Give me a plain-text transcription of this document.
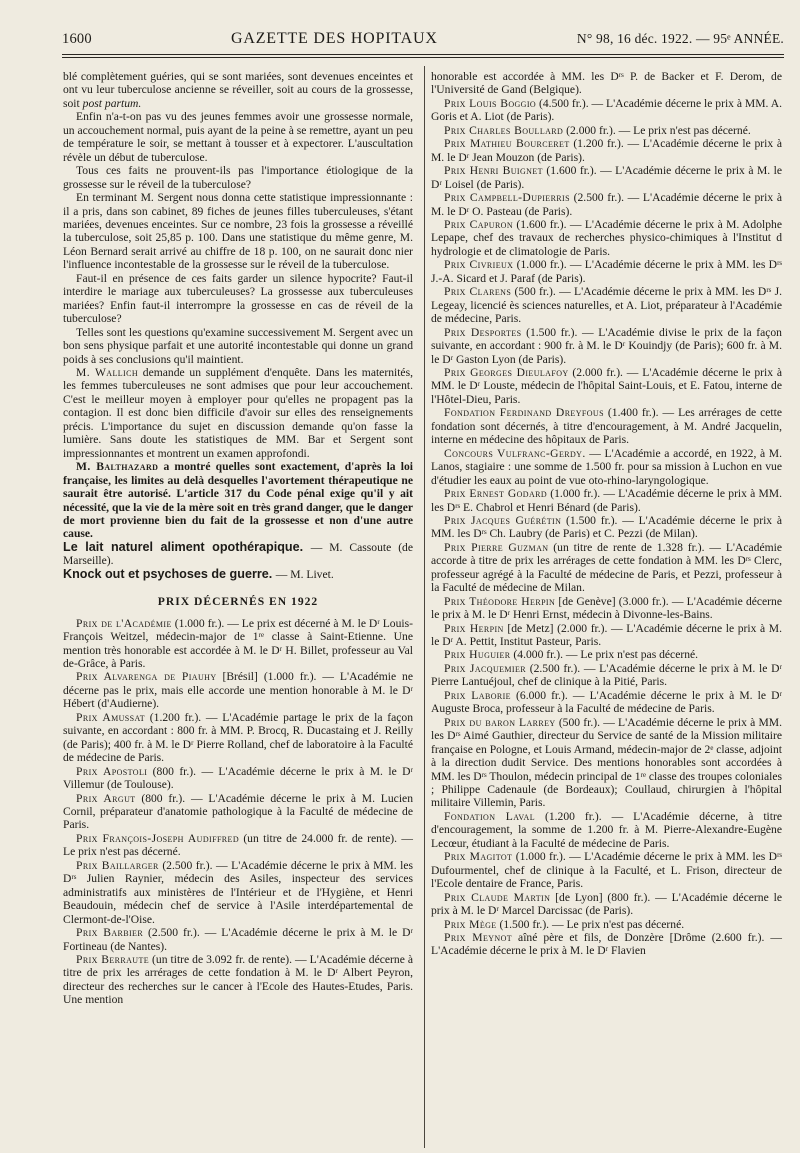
1600	GAZETTE DES HOPITAUX	N° 98, 16 déc. 1922. — 95ᵉ ANNÉE.

blé complètement guéries, qui se sont mariées, sont devenues enceintes et ont vu leur tuberculose ancienne se réveiller, soit au cours de la grossesse, soit post partum.

Enfin n'a-t-on pas vu des jeunes femmes avoir une grossesse normale, un accouchement normal, puis ayant de la peine à se remettre, ayant un peu de température le soir, se mettant à tousser et à expectorer. L'auscultation révèle un début de tuberculose.

Tous ces faits ne prouvent-ils pas l'importance étiologique de la grossesse sur le réveil de la tuberculose?

En terminant M. Sergent nous donna cette statistique impressionnante : il a pris, dans son cabinet, 89 fiches de jeunes filles tuberculeuses, s'étant mariées, devenues enceintes. Sur ce nombre, 23 fois la grossesse a réveillé la tuberculose, soit 25,85 p. 100. Dans une statistique du même genre, M. Léon Bernard serait arrivé au chiffre de 18 p. 100, on ne saurait donc nier l'influence incontestable de la grossesse sur le réveil de la tuberculose.

Faut-il en présence de ces faits garder un silence hypocrite? Faut-il interdire le mariage aux tuberculeuses? La grossesse aux tuberculeuses mariées? Enfin faut-il interrompre la grossesse en cas de réveil de la tuberculose?

Telles sont les questions qu'examine successivement M. Sergent avec un bon sens physique parfait et une autorité incontestable qui donne un grand poids à ses conclusions qu'il maintient.

M. Wallich demande un supplément d'enquête. Dans les maternités, les femmes tuberculeuses ne sont admises que pour leur accouchement. C'est le meilleur moyen à employer pour qu'elles ne propagent pas la contagion. Il est donc bien difficile d'avoir sur elles des renseignements précis. L'importance du sujet en discussion demande qu'on fasse la lumière. Sans doute les statistiques de MM. Bar et Sergent sont impressionnantes et montrent un examen approfondi.

M. Balthazard a montré quelles sont exactement, d'après la loi française, les limites au delà desquelles l'avortement thérapeutique ne saurait être autorisé. L'article 317 du Code pénal exige qu'il y ait nécessité, que la vie de la mère soit en très grand danger, que le danger de mort provienne bien du fait de la grossesse et non d'une autre cause.

Le lait naturel aliment opothérapique. — M. Cassoute (de Marseille).

Knock out et psychoses de guerre. — M. Livet.

PRIX DÉCERNÉS EN 1922

Prix de l'Académie (1.000 fr.). — Le prix est décerné à M. le Dʳ Louis-François Weitzel, médecin-major de 1ʳᵉ classe à Saint-Etienne. Une mention très honorable est accordée à M. le Dʳ H. Billet, professeur au Val de-Grâce, à Paris.

Prix Alvarenga de Piauhy [Brésil] (1.000 fr.). — L'Académie ne décerne pas le prix, mais elle accorde une mention honorable à M. le Dʳ Hébert (d'Audierne).

Prix Amussat (1.200 fr.). — L'Académie partage le prix de la façon suivante, en accordant : 800 fr. à MM. P. Brocq, R. Ducastaing et J. Reilly (de Paris); 400 fr. à M. le Dʳ Pierre Rolland, chef de laboratoire à la Faculté de médecine de Paris.

Prix Apostoli (800 fr.). — L'Académie décerne le prix à M. le Dʳ Villemur (de Toulouse).

Prix Argut (800 fr.). — L'Académie décerne le prix à M. Lucien Cornil, préparateur d'anatomie pathologique à la Faculté de médecine de Paris.

Prix François-Joseph Audiffred (un titre de 24.000 fr. de rente). — Le prix n'est pas décerné.

Prix Baillarger (2.500 fr.). — L'Académie décerne le prix à MM. les Dʳˢ Julien Raynier, médecin des Asiles, inspecteur des services administratifs aux ministères de l'Intérieur et de l'Hygiène, et Henri Beaudouin, médecin chef de service à l'Asile interdépartemental de Clermont-de-l'Oise.

Prix Barbier (2.500 fr.). — L'Académie décerne le prix à M. le Dʳ Fortineau (de Nantes).

Prix Berraute (un titre de 3.092 fr. de rente). — L'Académie décerne à titre de prix les arrérages de cette fondation à M. le Dʳ Albert Peyron, directeur des recherches sur le cancer à l'Ecole des Hautes-Etudes, Paris. Une mention

honorable est accordée à MM. les Dʳˢ P. de Backer et F. Derom, de l'Université de Gand (Belgique).

Prix Louis Boggio (4.500 fr.). — L'Académie décerne le prix à MM. A. Goris et A. Liot (de Paris).

Prix Charles Boullard (2.000 fr.). — Le prix n'est pas décerné.

Prix Mathieu Bourceret (1.200 fr.). — L'Académie décerne le prix à M. le Dʳ Jean Mouzon (de Paris).

Prix Henri Buignet (1.600 fr.). — L'Académie décerne le prix à M. le Dʳ Loisel (de Paris).

Prix Campbell-Dupierris (2.500 fr.). — L'Académie décerne le prix à M. le Dʳ O. Pasteau (de Paris).

Prix Capuron (1.600 fr.). — L'Académie décerne le prix à M. Adolphe Lepape, chef des travaux de recherches physico-chimiques à l'Institut d hydrologie et de climatologie de Paris.

Prix Civrieux (1.000 fr.). — L'Académie décerne le prix à MM. les Dʳˢ J.-A. Sicard et J. Paraf (de Paris).

Prix Clarens (500 fr.). — L'Académie décerne le prix à MM. les Dʳˢ J. Legeay, licencié ès sciences naturelles, et A. Liot, préparateur à l'Académie de médecine, Paris.

Prix Desportes (1.500 fr.). — L'Académie divise le prix de la façon suivante, en accordant : 900 fr. à M. le Dʳ Kouindjy (de Paris); 600 fr. à M. le Dʳ Gaston Lyon (de Paris).

Prix Georges Dieulafoy (2.000 fr.). — L'Académie décerne le prix à MM. le Dʳ Louste, médecin de l'hôpital Saint-Louis, et E. Fatou, interne de l'Hôtel-Dieu, Paris.

Fondation Ferdinand Dreyfous (1.400 fr.). — Les arrérages de cette fondation sont décernés, à titre d'encouragement, à M. André Jacquelin, interne en médecine des hôpitaux de Paris.

Concours Vulfranc-Gerdy. — L'Académie a accordé, en 1922, à M. Lanos, stagiaire : une somme de 1.500 fr. pour sa mission à Luchon en vue d'étudier les eaux au point de vue oto-rhino-laryngologique.

Prix Ernest Godard (1.000 fr.). — L'Académie décerne le prix à MM. les Dʳˢ E. Chabrol et Henri Bénard (de Paris).

Prix Jacques Guérétin (1.500 fr.). — L'Académie décerne le prix à MM. les Dʳˢ Ch. Laubry (de Paris) et C. Pezzi (de Milan).

Prix Pierre Guzman (un titre de rente de 1.328 fr.). — L'Académie accorde à titre de prix les arrérages de cette fondation à MM. les Dʳˢ Clerc, professeur agrégé à la Faculté de médecine de Paris, et Pezzi, professeur à la Faculté de médecine de Milan.

Prix Théodore Herpin [de Genève] (3.000 fr.). — L'Académie décerne le prix à M. le Dʳ Henri Ernst, médecin à Divonne-les-Bains.

Prix Herpin [de Metz] (2.000 fr.). — L'Académie décerne le prix à M. le Dʳ A. Pettit, Institut Pasteur, Paris.

Prix Huguier (4.000 fr.). — Le prix n'est pas décerné.

Prix Jacquemier (2.500 fr.). — L'Académie décerne le prix à M. le Dʳ Pierre Lantuéjoul, chef de clinique à la Pitié, Paris.

Prix Laborie (6.000 fr.). — L'Académie décerne le prix à M. le Dʳ Auguste Broca, professeur à la Faculté de médecine de Paris.

Prix du baron Larrey (500 fr.). — L'Académie décerne le prix à MM. les Dʳˢ Aimé Gauthier, directeur du Service de santé de la Mission militaire française en Pologne, et Louis Armand, médecin-major de 2ᵉ classe, adjoint à la direction dudit Service. Des mentions honorables sont accordées à MM. les Dʳˢ Thoulon, médecin principal de 1ʳᵉ classe des troupes coloniales ; Philippe Cadenaule (de Bordeaux); Coullaud, chirurgien à l'hôpital militaire Villemin, Paris.

Fondation Laval (1.200 fr.). — L'Académie décerne, à titre d'encouragement, la somme de 1.200 fr. à M. Pierre-Alexandre-Eugène Lecœur, étudiant à la Faculté de médecine de Paris.

Prix Magitot (1.000 fr.). — L'Académie décerne le prix à MM. les Dʳˢ Dufourmentel, chef de clinique à la Faculté, et L. Frison, directeur de l'Ecole dentaire de France, Paris.

Prix Claude Martin [de Lyon] (800 fr.). — L'Académie décerne le prix à M. le Dʳ Marcel Darcissac (de Paris).

Prix Mège (1.500 fr.). — Le prix n'est pas décerné.

Prix Meynot aîné père et fils, de Donzère [Drôme (2.600 fr.). — L'Académie décerne le prix à M. le Dʳ Flavien
